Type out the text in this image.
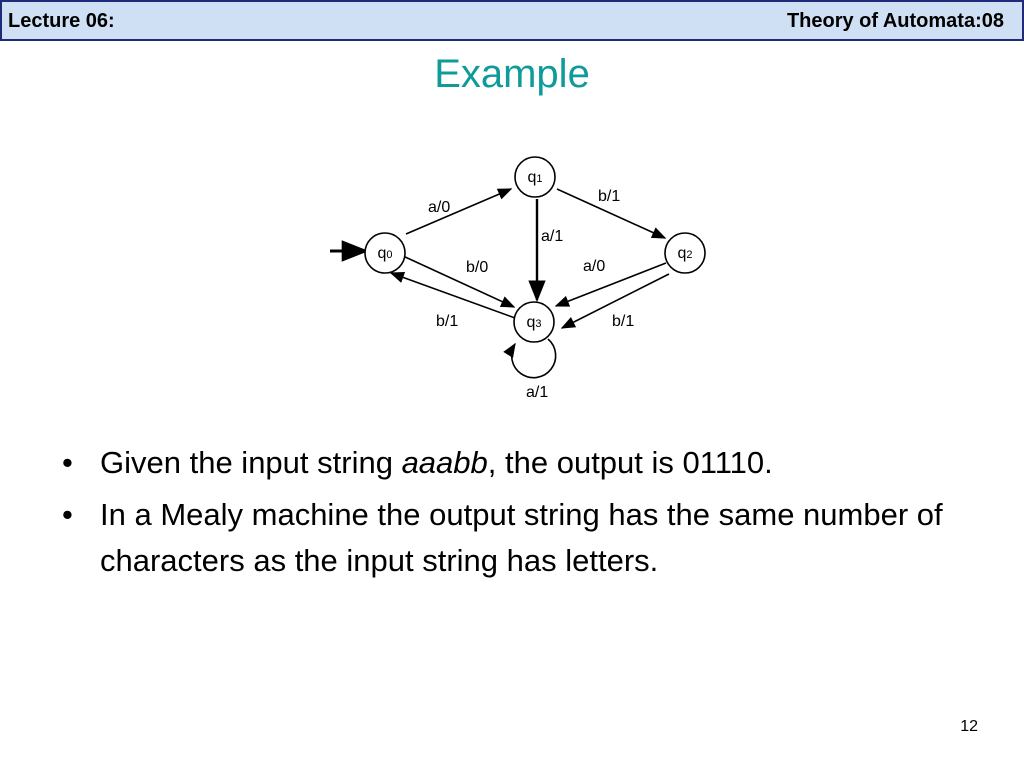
Lecture 06:	Theory of Automata:08
Example
a/0
b/1
a/1
b/0	a/0
b/1	b/1
a/1
q0
q1
q2
q3
• Given the input string aaabb, the output is 01110.
• In a Mealy machine the output string has the same number of characters as the input string has letters.
12
